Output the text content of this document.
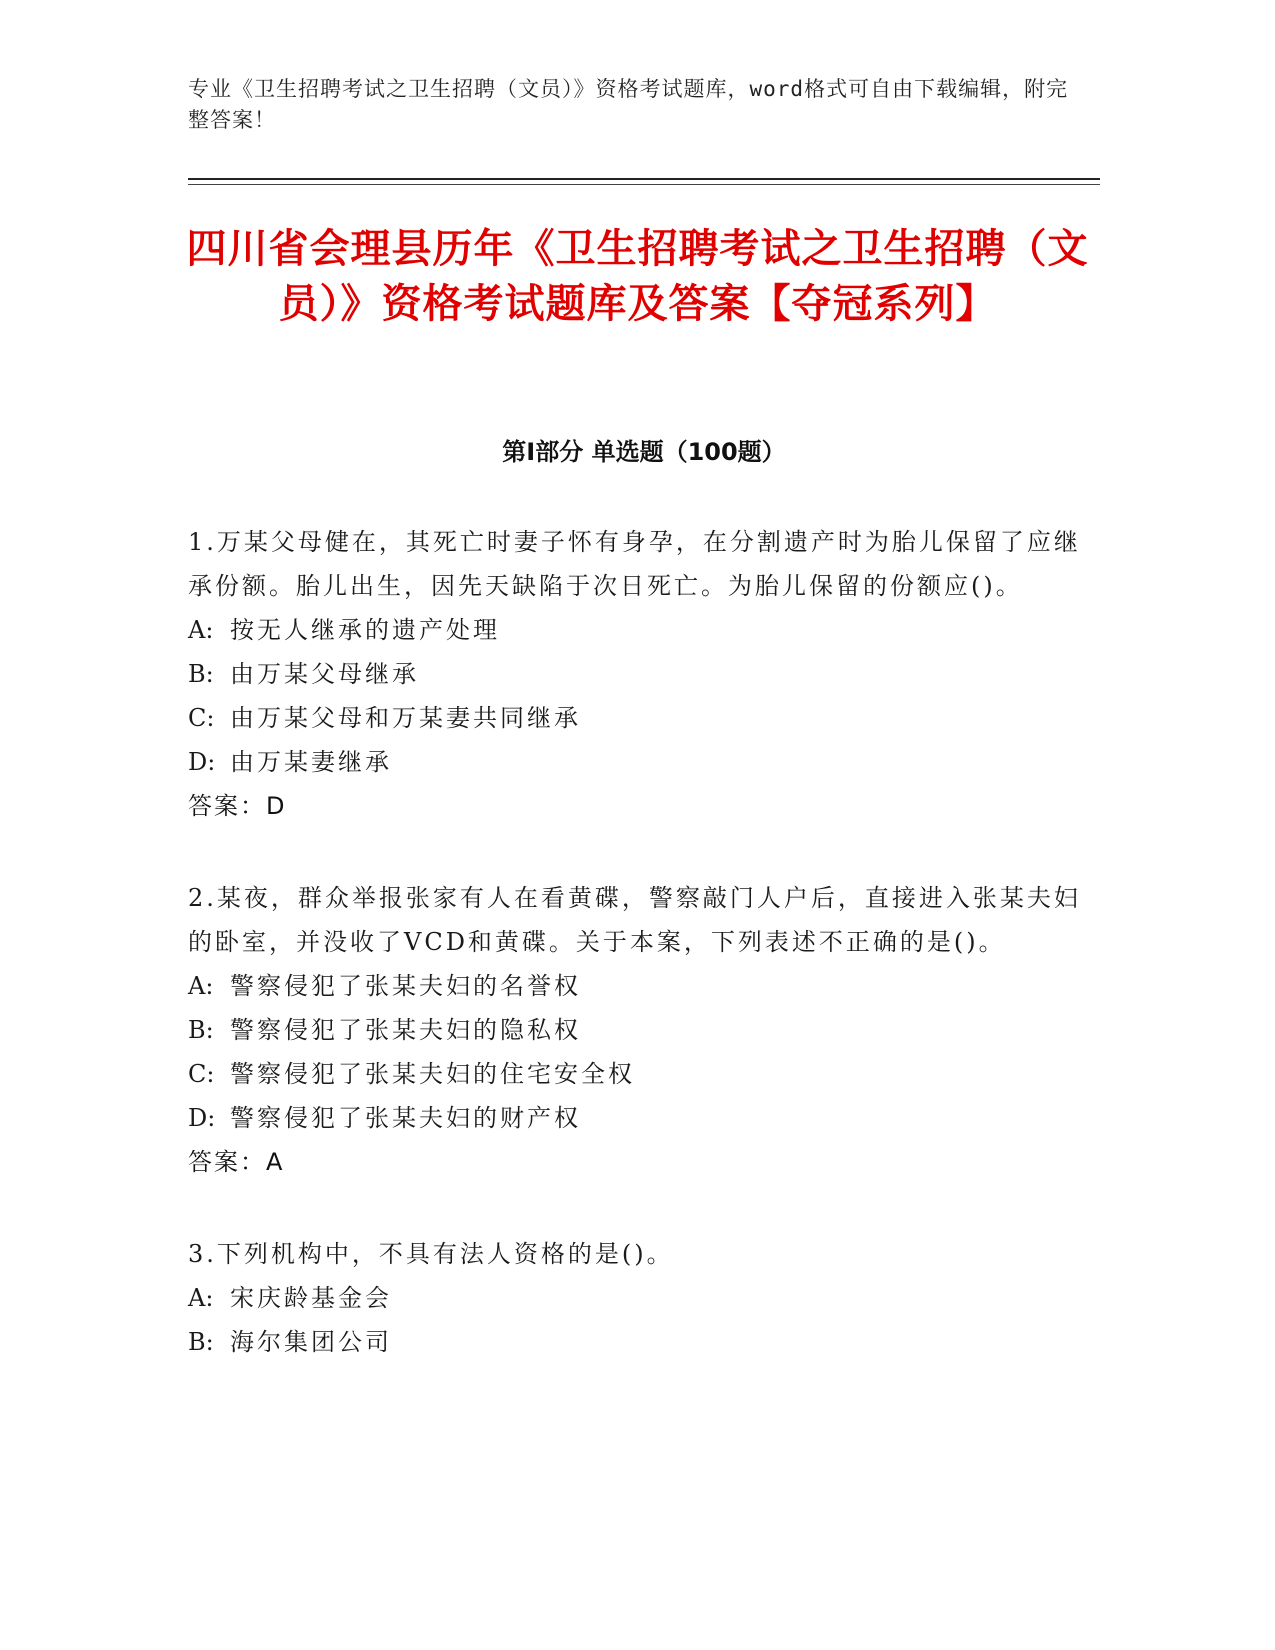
专业《卫生招聘考试之卫生招聘（文员）》资格考试题库，word格式可自由下载编辑，附完整答案！
四川省会理县历年《卫生招聘考试之卫生招聘（文员）》资格考试题库及答案【夺冠系列】
第Ⅰ部分 单选题（100题）
1.万某父母健在，其死亡时妻子怀有身孕，在分割遗产时为胎儿保留了应继承份额。胎儿出生，因先天缺陷于次日死亡。为胎儿保留的份额应()。
A: 按无人继承的遗产处理
B: 由万某父母继承
C: 由万某父母和万某妻共同继承
D: 由万某妻继承
答案：D
2.某夜，群众举报张家有人在看黄碟，警察敲门人户后，直接进入张某夫妇的卧室，并没收了VCD和黄碟。关于本案，下列表述不正确的是()。
A: 警察侵犯了张某夫妇的名誉权
B: 警察侵犯了张某夫妇的隐私权
C: 警察侵犯了张某夫妇的住宅安全权
D: 警察侵犯了张某夫妇的财产权
答案：A
3.下列机构中，不具有法人资格的是()。
A: 宋庆龄基金会
B: 海尔集团公司
